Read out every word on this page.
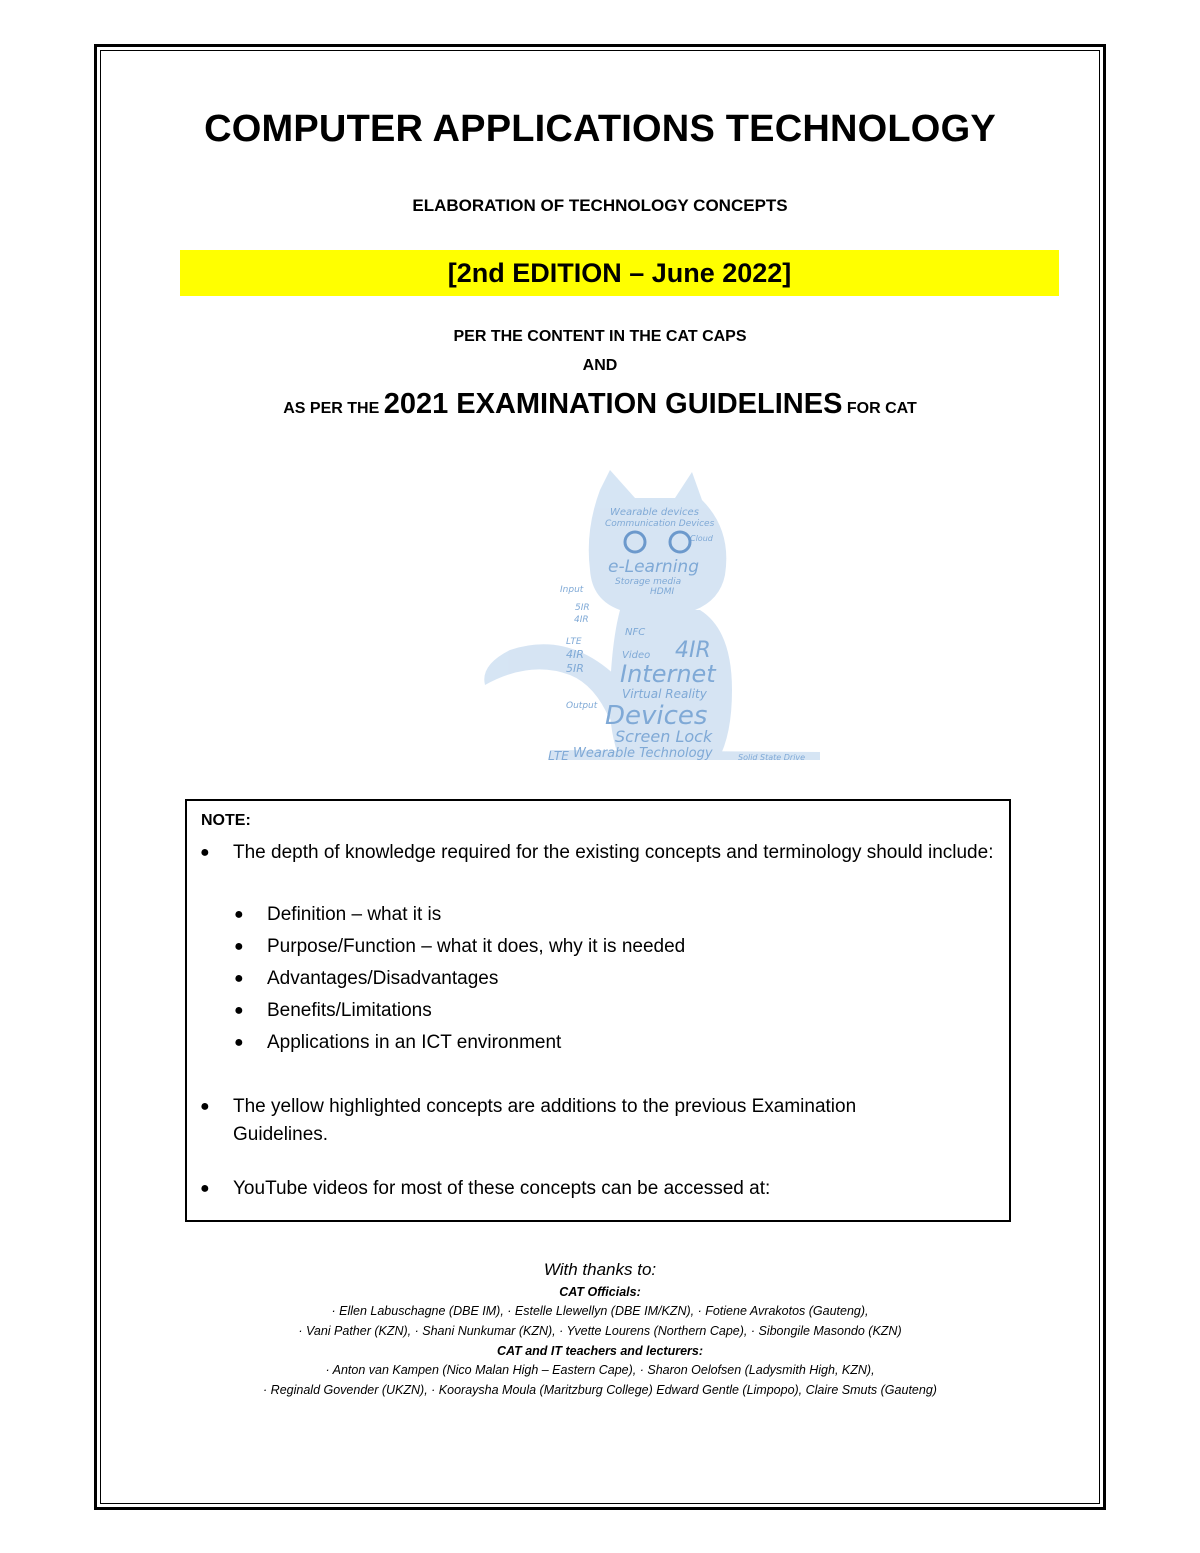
COMPUTER APPLICATIONS TECHNOLOGY
ELABORATION OF TECHNOLOGY CONCEPTS
[2nd EDITION – June 2022]
PER THE CONTENT IN THE CAT CAPS
AND
AS PER THE 2021 EXAMINATION GUIDELINES FOR CAT
Wearable devices
Communication Devices
e-Learning
Storage media
HDMI
Input
5IR
4IR
LTE
4IR
5IR
NFC
Video 4IR
Internet
Virtual Reality
Output Devices
Screen Lock
LTE Wearable Technology	Solid State Drive
Cloud
NOTE:
● The depth of knowledge required for the existing concepts and terminology should include:
● Definition – what it is
● Purpose/Function – what it does, why it is needed
● Advantages/Disadvantages
● Benefits/Limitations
● Applications in an ICT environment
● The yellow highlighted concepts are additions to the previous Examination Guidelines.
● YouTube videos for most of these concepts can be accessed at:
With thanks to:
CAT Officials:
· Ellen Labuschagne (DBE IM), · Estelle Llewellyn (DBE IM/KZN), · Fotiene Avrakotos (Gauteng),
· Vani Pather (KZN), · Shani Nunkumar (KZN), · Yvette Lourens (Northern Cape), · Sibongile Masondo (KZN)
CAT and IT teachers and lecturers:
· Anton van Kampen (Nico Malan High – Eastern Cape), · Sharon Oelofsen (Ladysmith High, KZN),
· Reginald Govender (UKZN), · Kooraysha Moula (Maritzburg College) Edward Gentle (Limpopo), Claire Smuts (Gauteng)
